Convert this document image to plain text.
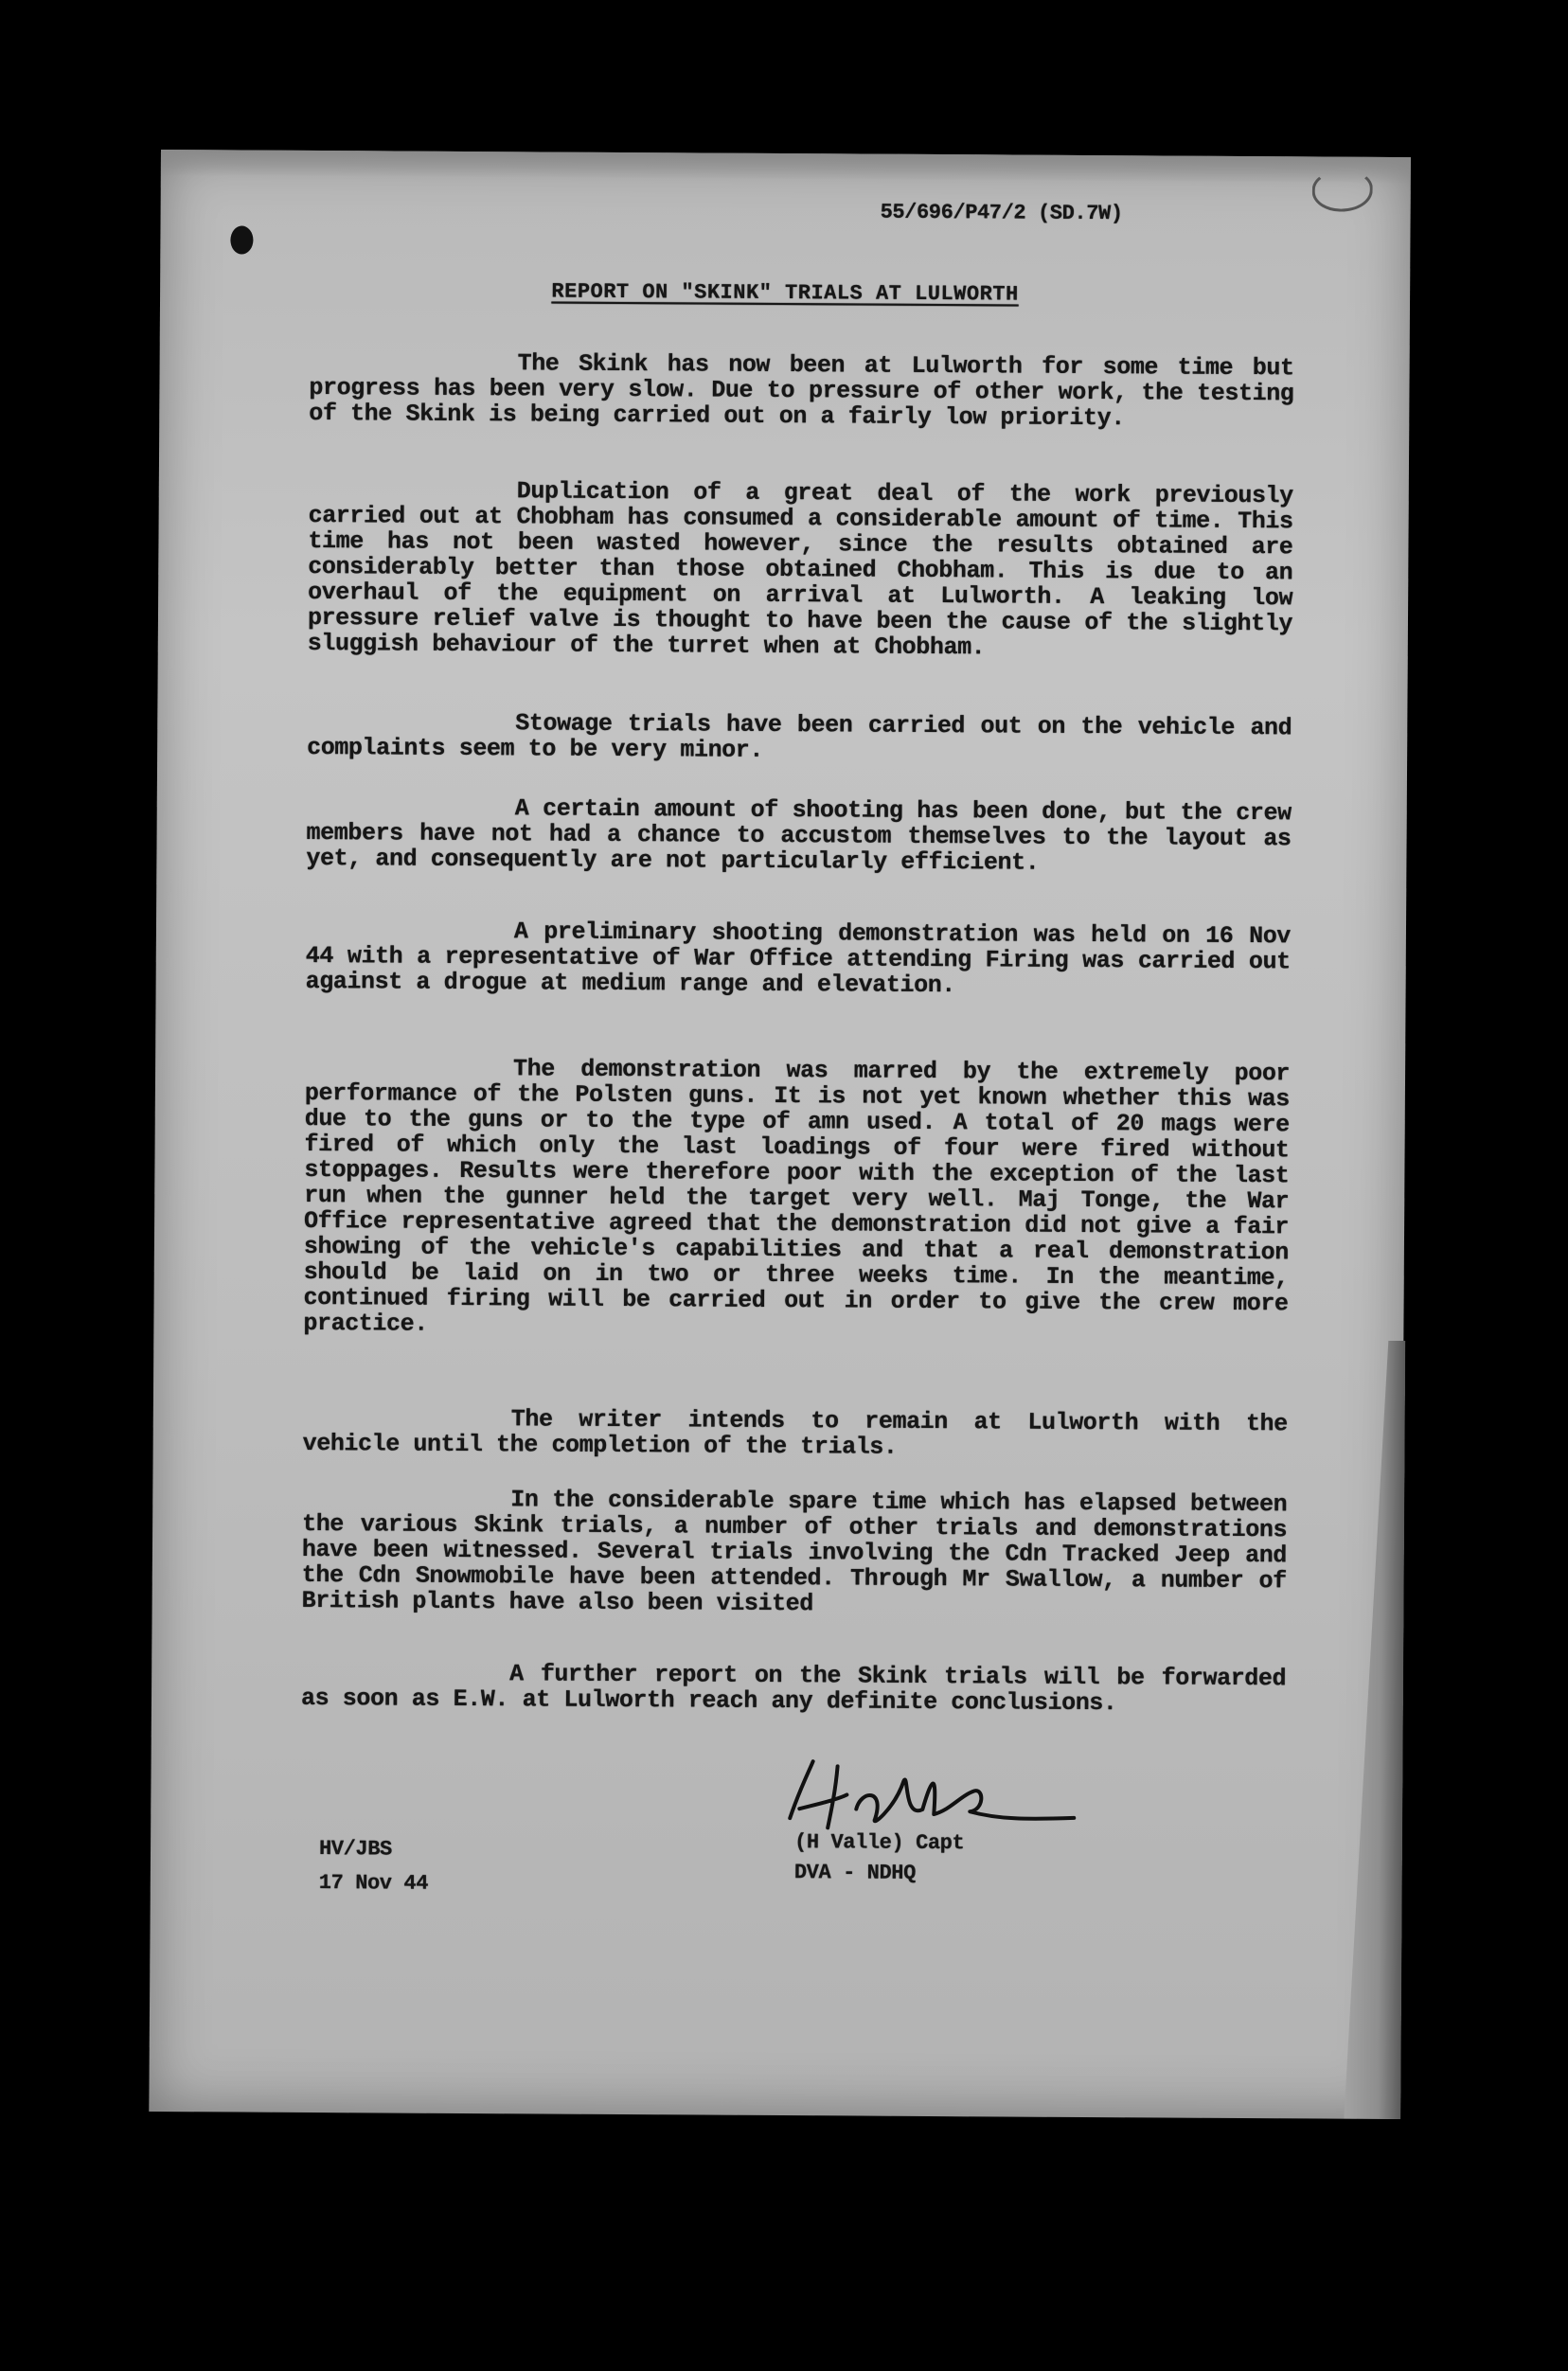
55/696/P47/2 (SD.7W)
REPORT ON "SKINK" TRIALS AT LULWORTH

The Skink has now been at Lulworth for some time but progress has been very slow. Due to pressure of other work, the testing of the Skink is being carried out on a fairly low priority.

Duplication of a great deal of the work previously carried out at Chobham has consumed a considerable amount of time. This time has not been wasted however, since the results obtained are considerably better than those obtained Chobham. This is due to an overhaul of the equipment on arrival at Lulworth. A leaking low pressure relief valve is thought to have been the cause of the slightly sluggish behaviour of the turret when at Chobham.

Stowage trials have been carried out on the vehicle and complaints seem to be very minor.

A certain amount of shooting has been done, but the crew members have not had a chance to accustom themselves to the layout as yet, and consequently are not particularly efficient.

A preliminary shooting demonstration was held on 16 Nov 44 with a representative of War Office attending Firing was carried out against a drogue at medium range and elevation.

The demonstration was marred by the extremely poor performance of the Polsten guns. It is not yet known whether this was due to the guns or to the type of amn used. A total of 20 mags were fired of which only the last loadings of four were fired without stoppages. Results were therefore poor with the exception of the last run when the gunner held the target very well. Maj Tonge, the War Office representative agreed that the demonstration did not give a fair showing of the vehicle's capabilities and that a real demonstration should be laid on in two or three weeks time. In the meantime, continued firing will be carried out in order to give the crew more practice.

The writer intends to remain at Lulworth with the vehicle until the completion of the trials.

In the considerable spare time which has elapsed between the various Skink trials, a number of other trials and demonstrations have been witnessed. Several trials involving the Cdn Tracked Jeep and the Cdn Snowmobile have been attended. Through Mr Swallow, a number of British plants have also been visited

A further report on the Skink trials will be forwarded as soon as E.W. at Lulworth reach any definite conclusions.

HV/JBS
17 Nov 44
(H Valle) Capt
DVA - NDHQ
